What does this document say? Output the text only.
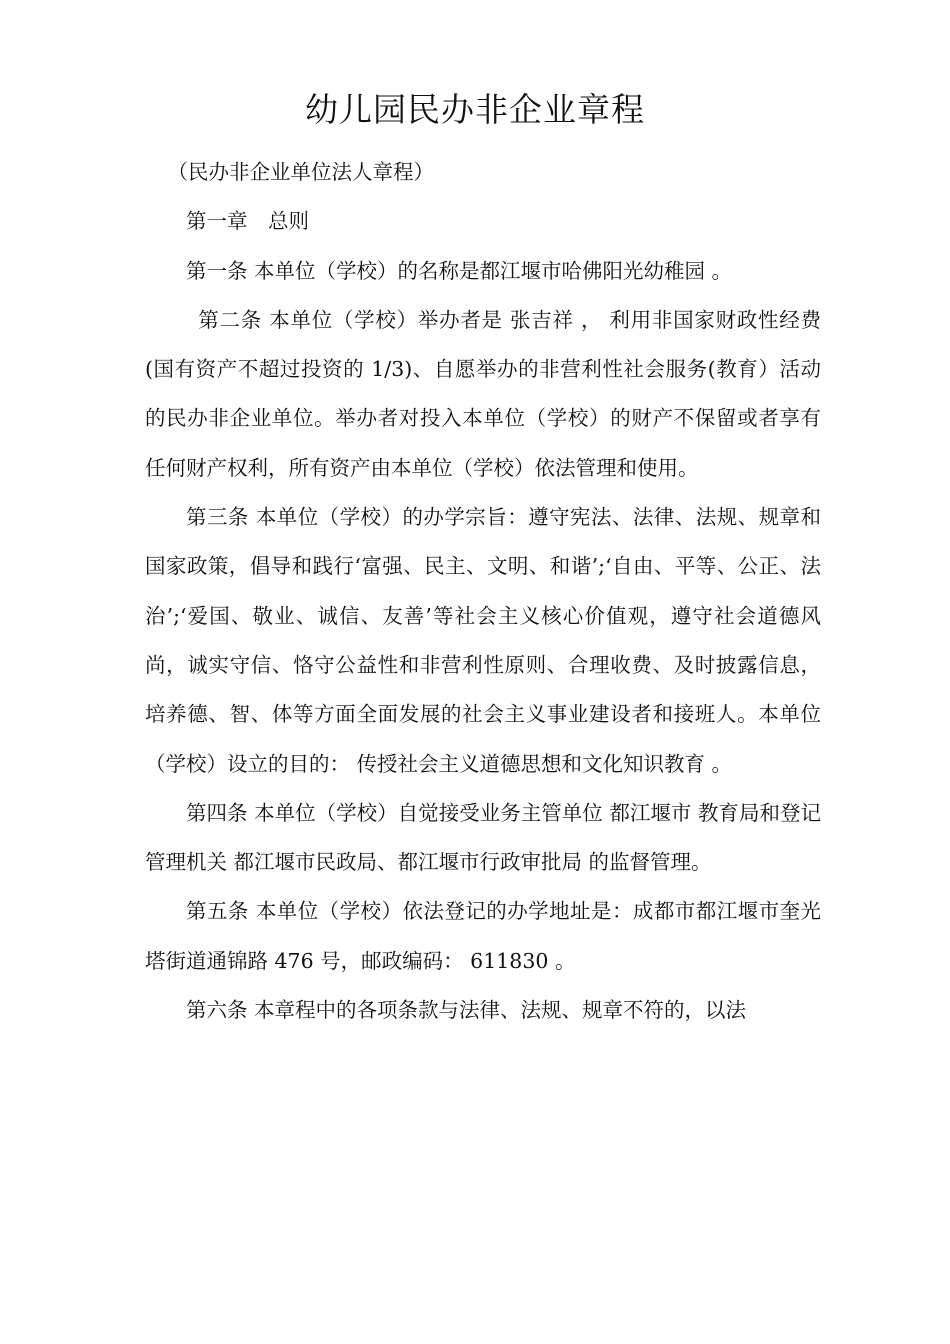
幼儿园民办非企业章程

（民办非企业单位法人章程）

第一章　总则

第一条 本单位（学校）的名称是都江堰市哈佛阳光幼稚园 。

第二条 本单位（学校）举办者是 张吉祥 ， 利用非国家财政性经费(国有资产不超过投资的 1/3)、自愿举办的非营利性社会服务(教育）活动的民办非企业单位。举办者对投入本单位（学校）的财产不保留或者享有任何财产权利，所有资产由本单位（学校）依法管理和使用。

第三条 本单位（学校）的办学宗旨：遵守宪法、法律、法规、规章和国家政策，倡导和践行‘富强、民主、文明、和谐’;‘自由、平等、公正、法治’;‘爱国、敬业、诚信、友善’等社会主义核心价值观，遵守社会道德风尚，诚实守信、恪守公益性和非营利性原则、合理收费、及时披露信息，培养德、智、体等方面全面发展的社会主义事业建设者和接班人。本单位（学校）设立的目的： 传授社会主义道德思想和文化知识教育 。

第四条 本单位（学校）自觉接受业务主管单位 都江堰市 教育局和登记管理机关 都江堰市民政局、都江堰市行政审批局 的监督管理。

第五条 本单位（学校）依法登记的办学地址是：成都市都江堰市奎光塔街道通锦路 476 号，邮政编码： 611830 。

第六条 本章程中的各项条款与法律、法规、规章不符的，以法
